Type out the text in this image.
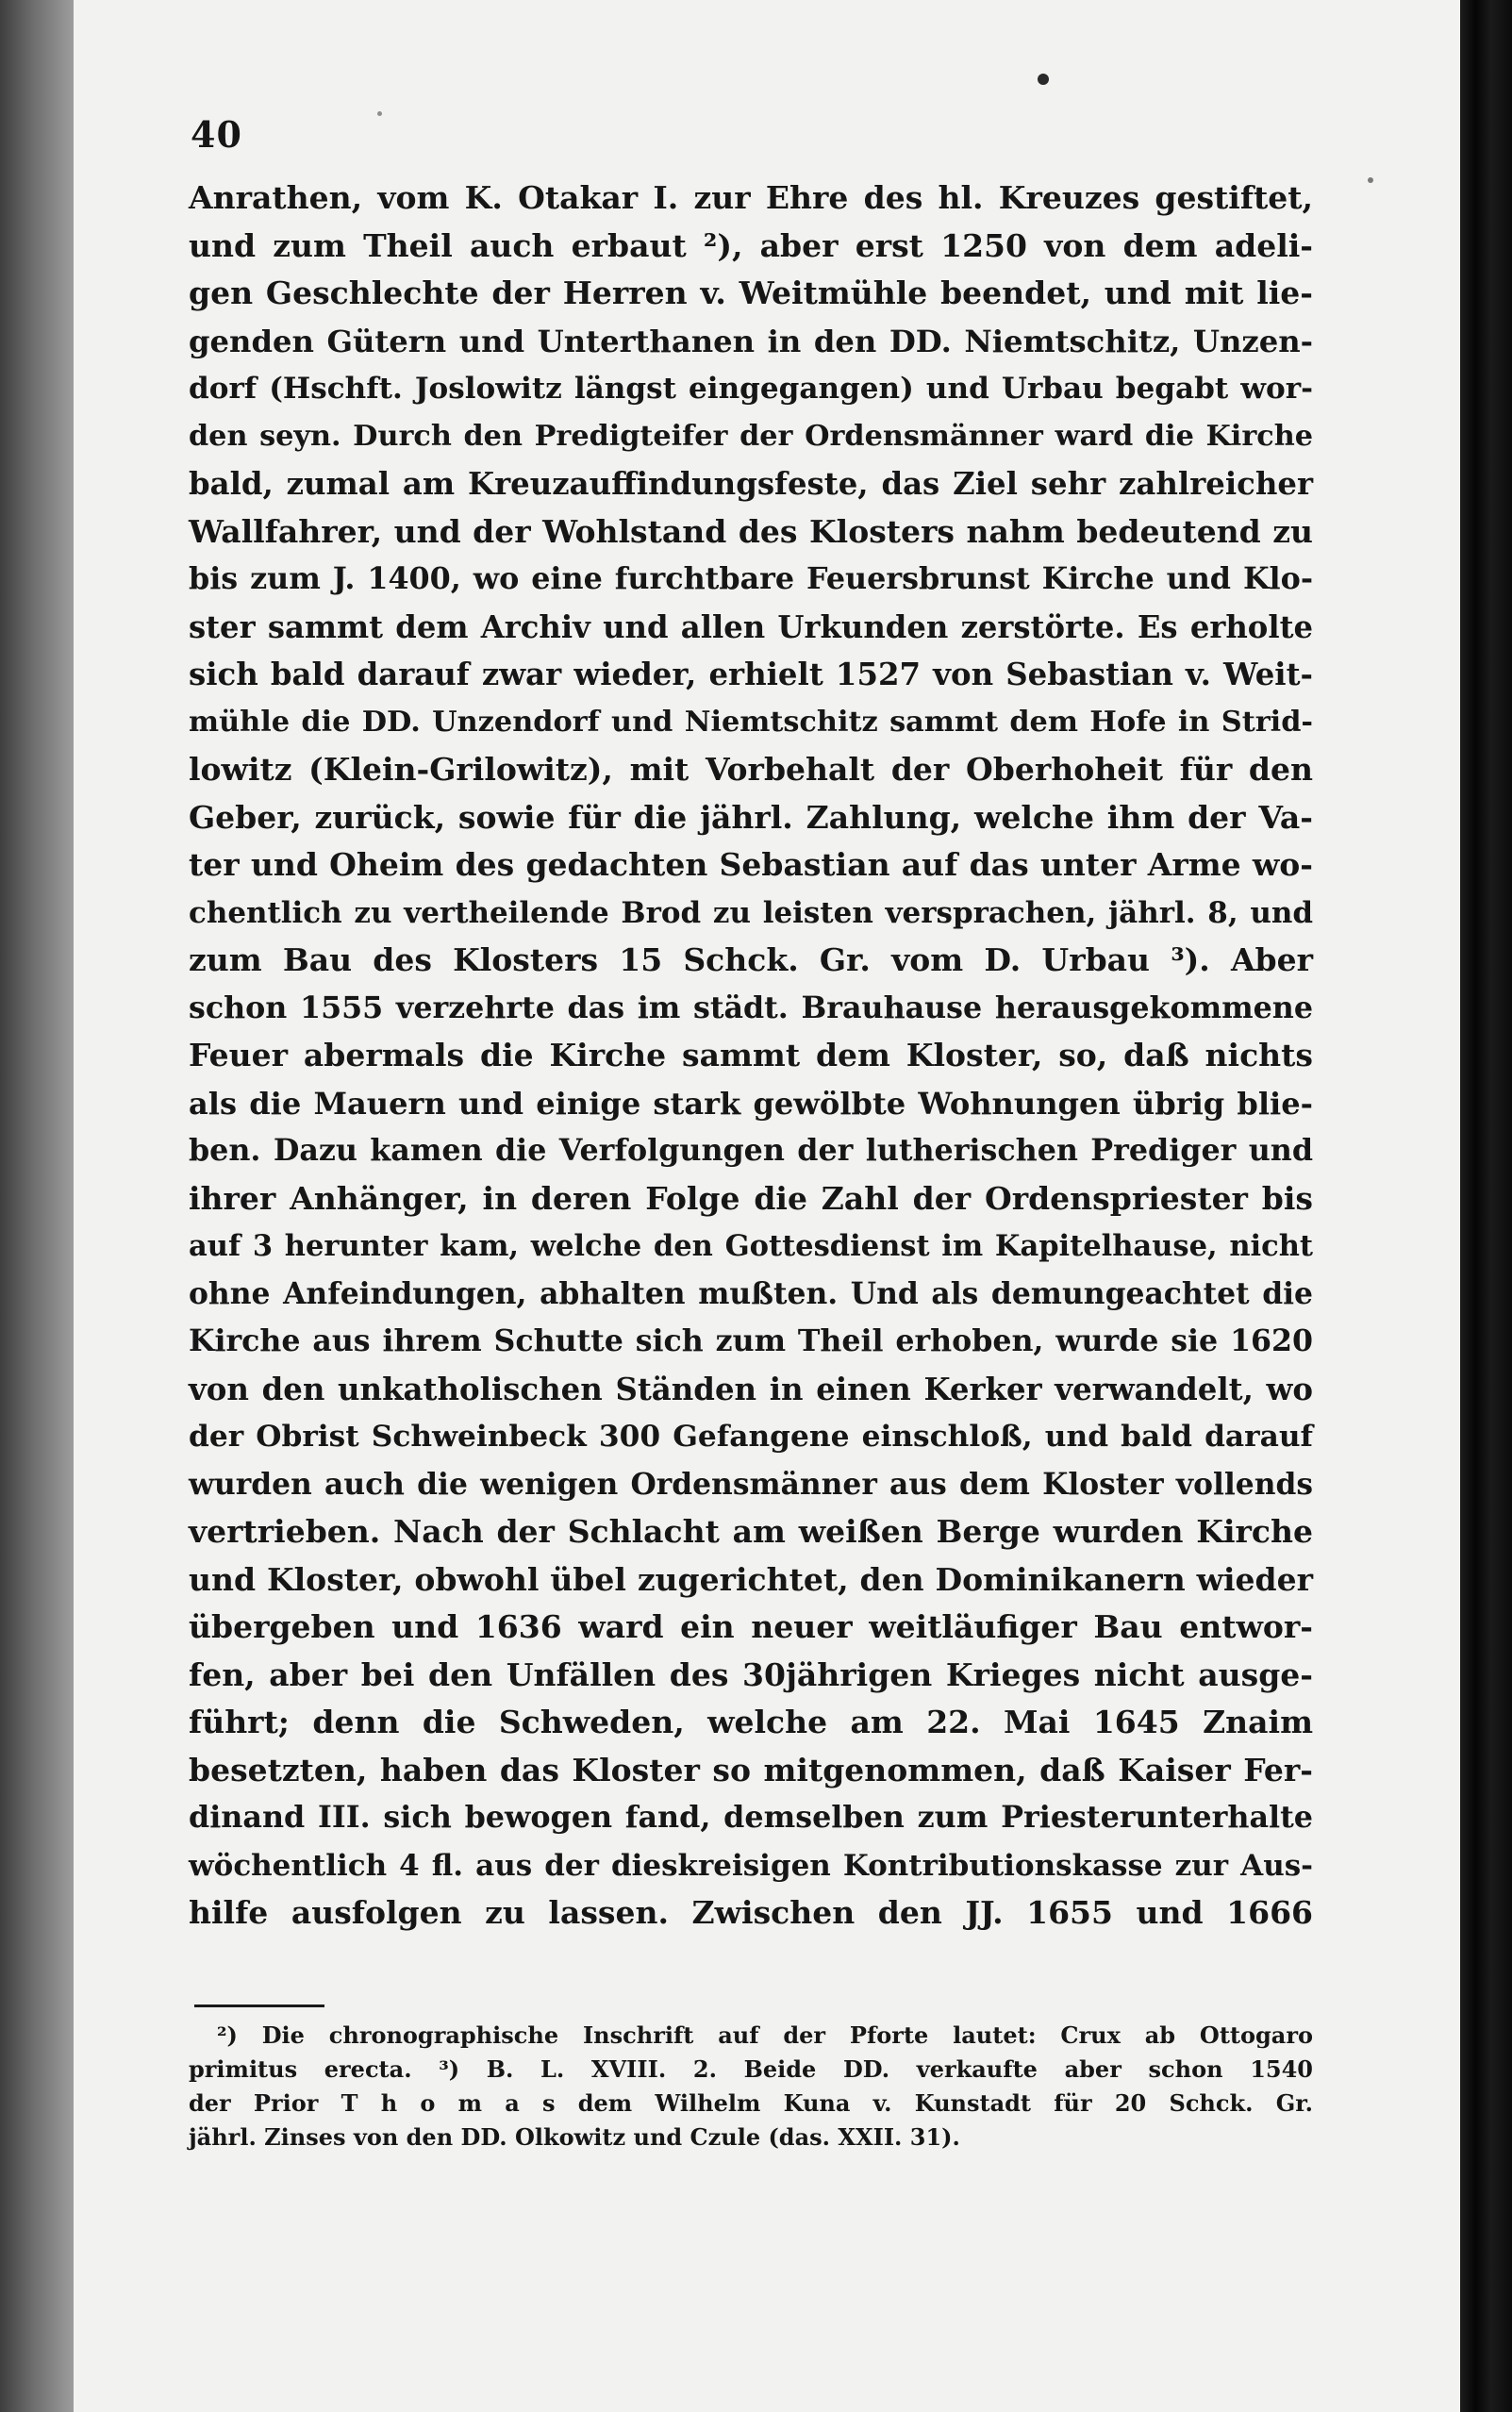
40
Anrathen, vom K. Otakar I. zur Ehre des hl. Kreuzes gestiftet,
und zum Theil auch erbaut ²), aber erst 1250 von dem adeli-
gen Geschlechte der Herren v. Weitmühle beendet, und mit lie-
genden Gütern und Unterthanen in den DD. Niemtschitz, Unzen-
dorf (Hschft. Joslowitz längst eingegangen) und Urbau begabt wor-
den seyn. Durch den Predigteifer der Ordensmänner ward die Kirche
bald, zumal am Kreuzauffindungsfeste, das Ziel sehr zahlreicher
Wallfahrer, und der Wohlstand des Klosters nahm bedeutend zu
bis zum J. 1400, wo eine furchtbare Feuersbrunst Kirche und Klo-
ster sammt dem Archiv und allen Urkunden zerstörte. Es erholte
sich bald darauf zwar wieder, erhielt 1527 von Sebastian v. Weit-
mühle die DD. Unzendorf und Niemtschitz sammt dem Hofe in Strid-
lowitz (Klein-Grilowitz), mit Vorbehalt der Oberhoheit für den
Geber, zurück, sowie für die jährl. Zahlung, welche ihm der Va-
ter und Oheim des gedachten Sebastian auf das unter Arme wo-
chentlich zu vertheilende Brod zu leisten versprachen, jährl. 8, und
zum Bau des Klosters 15 Schck. Gr. vom D. Urbau ³). Aber
schon 1555 verzehrte das im städt. Brauhause herausgekommene
Feuer abermals die Kirche sammt dem Kloster, so, daß nichts
als die Mauern und einige stark gewölbte Wohnungen übrig blie-
ben. Dazu kamen die Verfolgungen der lutherischen Prediger und
ihrer Anhänger, in deren Folge die Zahl der Ordenspriester bis
auf 3 herunter kam, welche den Gottesdienst im Kapitelhause, nicht
ohne Anfeindungen, abhalten mußten. Und als demungeachtet die
Kirche aus ihrem Schutte sich zum Theil erhoben, wurde sie 1620
von den unkatholischen Ständen in einen Kerker verwandelt, wo
der Obrist Schweinbeck 300 Gefangene einschloß, und bald darauf
wurden auch die wenigen Ordensmänner aus dem Kloster vollends
vertrieben. Nach der Schlacht am weißen Berge wurden Kirche
und Kloster, obwohl übel zugerichtet, den Dominikanern wieder
übergeben und 1636 ward ein neuer weitläufiger Bau entwor-
fen, aber bei den Unfällen des 30jährigen Krieges nicht ausge-
führt; denn die Schweden, welche am 22. Mai 1645 Znaim
besetzten, haben das Kloster so mitgenommen, daß Kaiser Fer-
dinand III. sich bewogen fand, demselben zum Priesterunterhalte
wöchentlich 4 fl. aus der dieskreisigen Kontributionskasse zur Aus-
hilfe ausfolgen zu lassen. Zwischen den JJ. 1655 und 1666
²) Die chronographische Inschrift auf der Pforte lautet: Crux ab Ottogaro
primitus erecta. ³) B. L. XVIII. 2. Beide DD. verkaufte aber schon 1540
der Prior T h o m a s dem Wilhelm Kuna v. Kunstadt für 20 Schck. Gr.
jährl. Zinses von den DD. Olkowitz und Czule (das. XXII. 31).
